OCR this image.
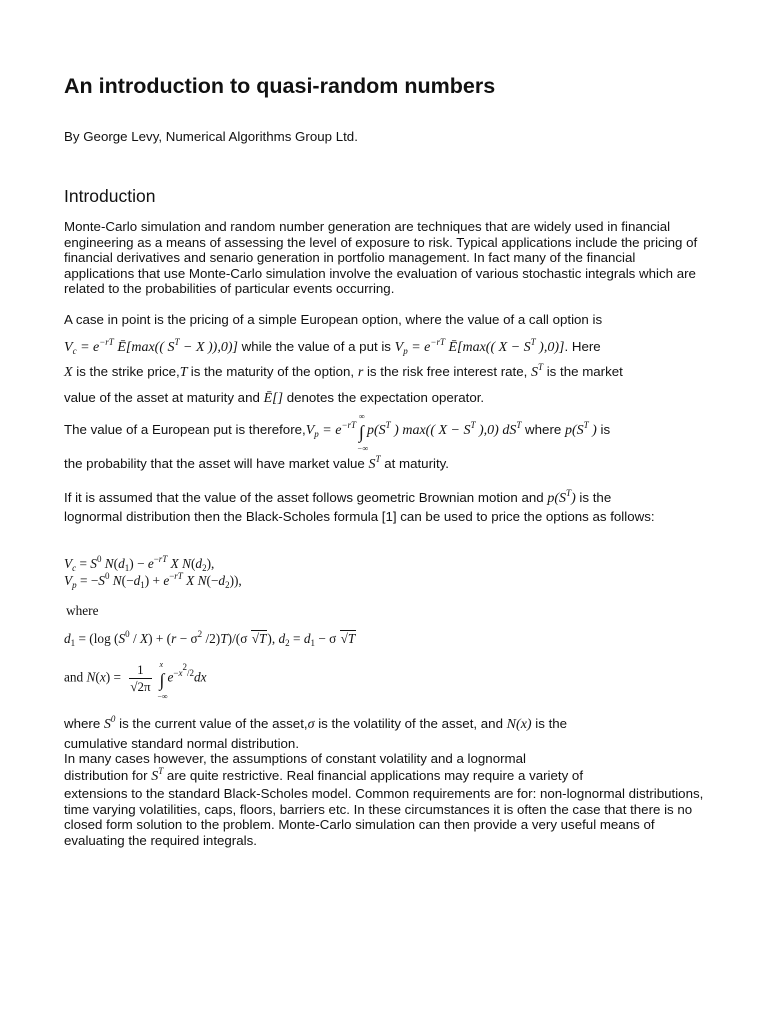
An introduction to quasi-random numbers
By George Levy, Numerical Algorithms Group Ltd.
Introduction
Monte-Carlo simulation and random number generation are techniques that are widely used in financial engineering as a means of assessing the level of exposure to risk. Typical applications include the pricing of financial derivatives and senario generation in portfolio management. In fact many of the financial applications that use Monte-Carlo simulation involve the evaluation of various stochastic integrals which are related to the probabilities of particular events occurring.
A case in point is the pricing of a simple European option, where the value of a call option is
$V_c = e^{-rT}$ Ē[max(( $S^T - X$ )),0)] while the value of a put is $V_p = e^{-rT}$ Ē[max(( $X - S^T$ ),0)]. Here
X is the strike price,T is the maturity of the option, r is the risk free interest rate, $S^T$ is the market
value of the asset at maturity and Ē[] denotes the expectation operator.
The value of a European put is $therefore,V_p = e^{-rT}$ ∫
∞
−∞
$p(S^T$ ) max(( $X - S^T$ ),0) $dS^T$ where $p(S^T$ ) is
the probability that the asset will have market value $S^T$ at maturity.
If it is assumed that the value of the asset follows geometric Brownian motion and $p(S^T)$ is the
lognormal distribution then the Black-Scholes formula [1] can be used to price the options as follows:
$V_c = S^0$ $N(d_1) - e^{-rT}$ X $N(d_2)$,
$V_p = -S^0$ $N(-d_1) + e^{-rT}$ X $N(-d_2)$),
where
$d_1 = (\log$ $(S^0 / X) + (r - \sigma^2$ /2)T)/(σ √T), $d_2 = d_1 - \sigma$ √T
and $N(x) = \frac{1}{√2\pi}$ ∫
x
−∞
$e^{-x^2/2}dx$
where $S^0$ is the current value of the asset,σ is the volatility of the asset, and N(x) is the
cumulative standard normal distribution.
In many cases however, the assumptions of constant volatility and a lognormal
distribution for $S^T$ are quite restrictive. Real financial applications may require a variety of
extensions to the standard Black-Scholes model. Common requirements are for: non-lognormal distributions, time varying volatilities, caps, floors, barriers etc. In these circumstances it is often the case that there is no closed form solution to the problem. Monte-Carlo simulation can then provide a very useful means of evaluating the required integrals.
